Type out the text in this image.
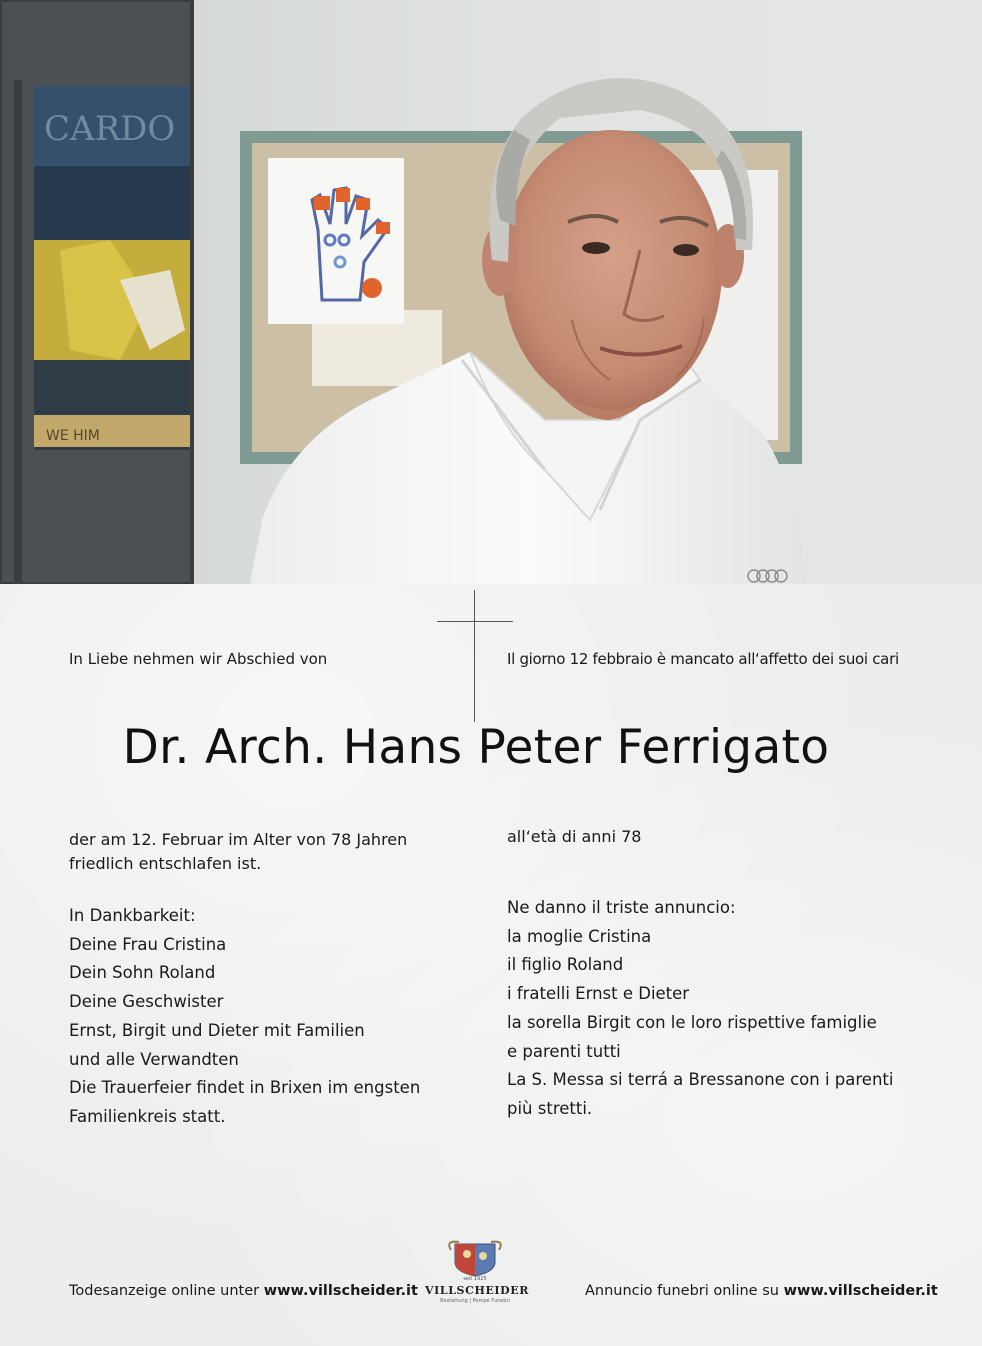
CARDO
WE HIM
In Liebe nehmen wir Abschied von	Il giorno 12 febbraio è mancato all‘affetto dei suoi cari
Dr. Arch. Hans Peter Ferrigato
der am 12. Februar im Alter von 78 Jahren
friedlich entschlafen ist.
all‘età di anni 78
In Dankbarkeit:
Deine Frau Cristina
Dein Sohn Roland
Deine Geschwister
Ernst, Birgit und Dieter mit Familien
und alle Verwandten
Die Trauerfeier findet in Brixen im engsten
Familienkreis statt.
Ne danno il triste annuncio:
la moglie Cristina
il figlio Roland
i fratelli Ernst e Dieter
la sorella Birgit con le loro rispettive famiglie
e parenti tutti
La S. Messa si terrá a Bressanone con i parenti
più stretti.
Todesanzeige online unter www.villscheider.it
seit 1925
VILLSCHEIDER
Bestattung | Pompe Funebri
Annuncio funebri online su www.villscheider.it
